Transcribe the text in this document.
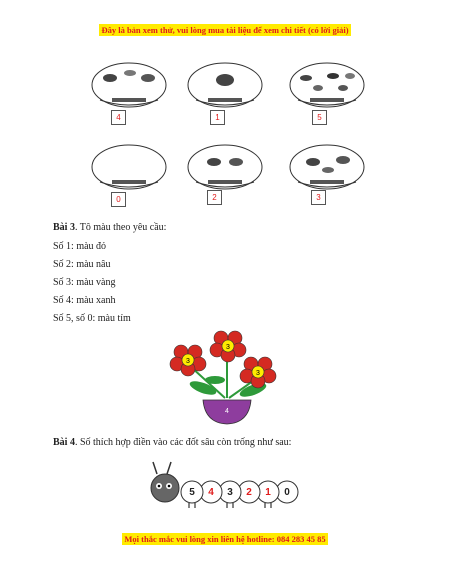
Đây là bản xem thử, vui lòng mua tài liệu để xem chi tiết (có lời giải)
4	1	5
0	2	3
Bài 3. Tô màu theo yêu cầu:
Số 1: màu đỏ
Số 2: màu nâu
Số 3: màu vàng
Số 4: màu xanh
Số 5, số 0: màu tím
3
3
3
4
Bài 4. Số thích hợp điền vào các đốt sâu còn trống như sau:
5 4 3 2 1 0
Mọi thắc mắc vui lòng xin liên hệ hotline: 084 283 45 85
